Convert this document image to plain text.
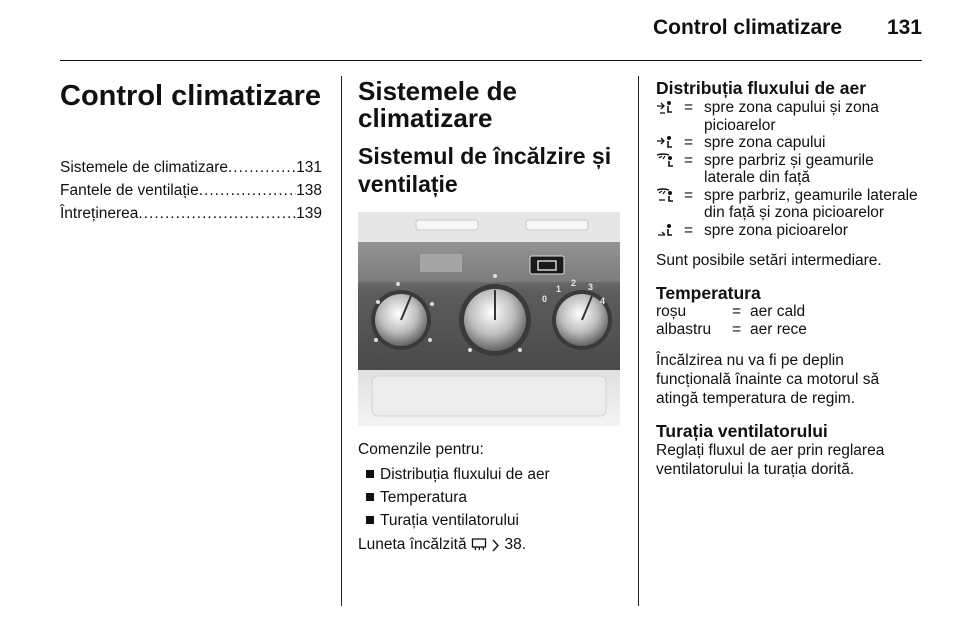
Control climatizare 131
Control climatizare
Sistemele de climatizare .....	131
Fantele de ventilație .....	138
Întreținerea .....	139
Sistemele de climatizare
Sistemul de încălzire și ventilație
1
2 3
4
0

Comenzile pentru:

Distribuția fluxului de aer
Temperatura
Turația ventilatorului

Luneta încălzită 38.

Distribuția fluxului de aer
= spre zona capului și zona picioarelor
= spre zona capului
= spre parbriz și geamurile laterale din față
= spre parbriz, geamurile laterale din față și zona picioarelor
= spre zona picioarelor

Sunt posibile setări intermediare.

Temperatura
roșu	= aer cald
albastru	= aer rece

Încălzirea nu va fi pe deplin funcțională înainte ca motorul să atingă temperatura de regim.

Turația ventilatorului

Reglați fluxul de aer prin reglarea ventilatorului la turația dorită.
